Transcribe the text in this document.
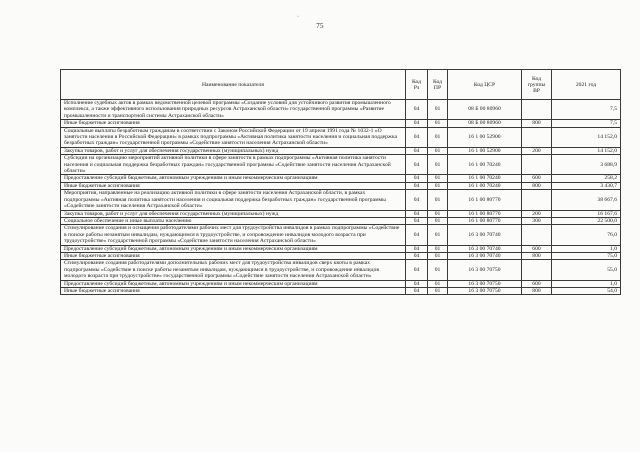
·
75
Наименование показателя	Код Рз	Код ПР	Код ЦСР	Код группы ВР	2021 год
Исполнение судебных актов в рамках ведомственной целевой программы «Создание условий для устойчивого развития промышленного комплекса, а также эффективного использования природных ресурсов Астраханской области» государственной программы «Развитие промышленности и транспортной системы Астраханской области»	04	01	08 Б 00 80960		7,5
Иные бюджетные ассигнования	04	01	08 Б 00 80960	800	7,5
Социальные выплаты безработным гражданам в соответствии с Законом Российской Федерации от 19 апреля 1991 года № 1032-1 «О занятости населения в Российской Федерации» в рамках подпрограммы «Активная политика занятости населения и социальная поддержка безработных граждан» государственной программы «Содействие занятости населения Астраханской области»	04	01	16 1 00 52900		14 152,0
Закупка товаров, работ и услуг для обеспечения государственных (муниципальных) нужд	04	01	16 1 00 52900	200	14 152,0
Субсидии на организацию мероприятий активной политики в сфере занятости в рамках подпрограммы «Активная политика занятости населения и социальная поддержка безработных граждан» государственной программы «Содействие занятости населения Астраханской области»	04	01	16 1 00 70240		3 688,9
Предоставление субсидий бюджетным, автономным учреждениям и иным некоммерческим организациям	04	01	16 1 00 70240	600	258,2
Иные бюджетные ассигнования	04	01	16 1 00 70240	800	3 430,7
Мероприятия, направленные на реализацию активной политики в сфере занятости населения Астраханской области, в рамках подпрограммы «Активная политика занятости населения и социальная поддержка безработных граждан» государственной программы «Содействие занятости населения Астраханской области»	04	01	16 1 00 80770		38 667,6
Закупка товаров, работ и услуг для обеспечения государственных (муниципальных) нужд	04	01	16 1 00 80770	200	16 167,6
Социальное обеспечение и иные выплаты населению	04	01	16 1 00 80770	300	22 500,0
Стимулирование создания и оснащения работодателями рабочих мест для трудоустройства инвалидов в рамках подпрограммы «Содействие в поиске работы незанятым инвалидам, нуждающимся в трудоустройстве, и сопровождение инвалидов молодого возраста при трудоустройстве» государственной программы «Содействие занятости населения Астраханской области»	04	01	16 3 00 70740		76,0
Предоставление субсидий бюджетным, автономным учреждениям и иным некоммерческим организациям	04	01	16 3 00 70740	600	1,0
Иные бюджетные ассигнования	04	01	16 3 00 70740	800	75,0
Стимулирование создания работодателями дополнительных рабочих мест для трудоустройства инвалидов сверх квоты в рамках подпрограммы «Содействие в поиске работы незанятым инвалидам, нуждающимся в трудоустройстве, и сопровождение инвалидов молодого возраста при трудоустройстве» государственной программы «Содействие занятости населения Астраханской области»	04	01	16 3 00 70750		55,0
Предоставление субсидий бюджетным, автономным учреждениям и иным некоммерческим организациям	04	01	16 3 00 70750	600	1,0
Иные бюджетные ассигнования	04	01	16 3 00 70750	800	54,0
